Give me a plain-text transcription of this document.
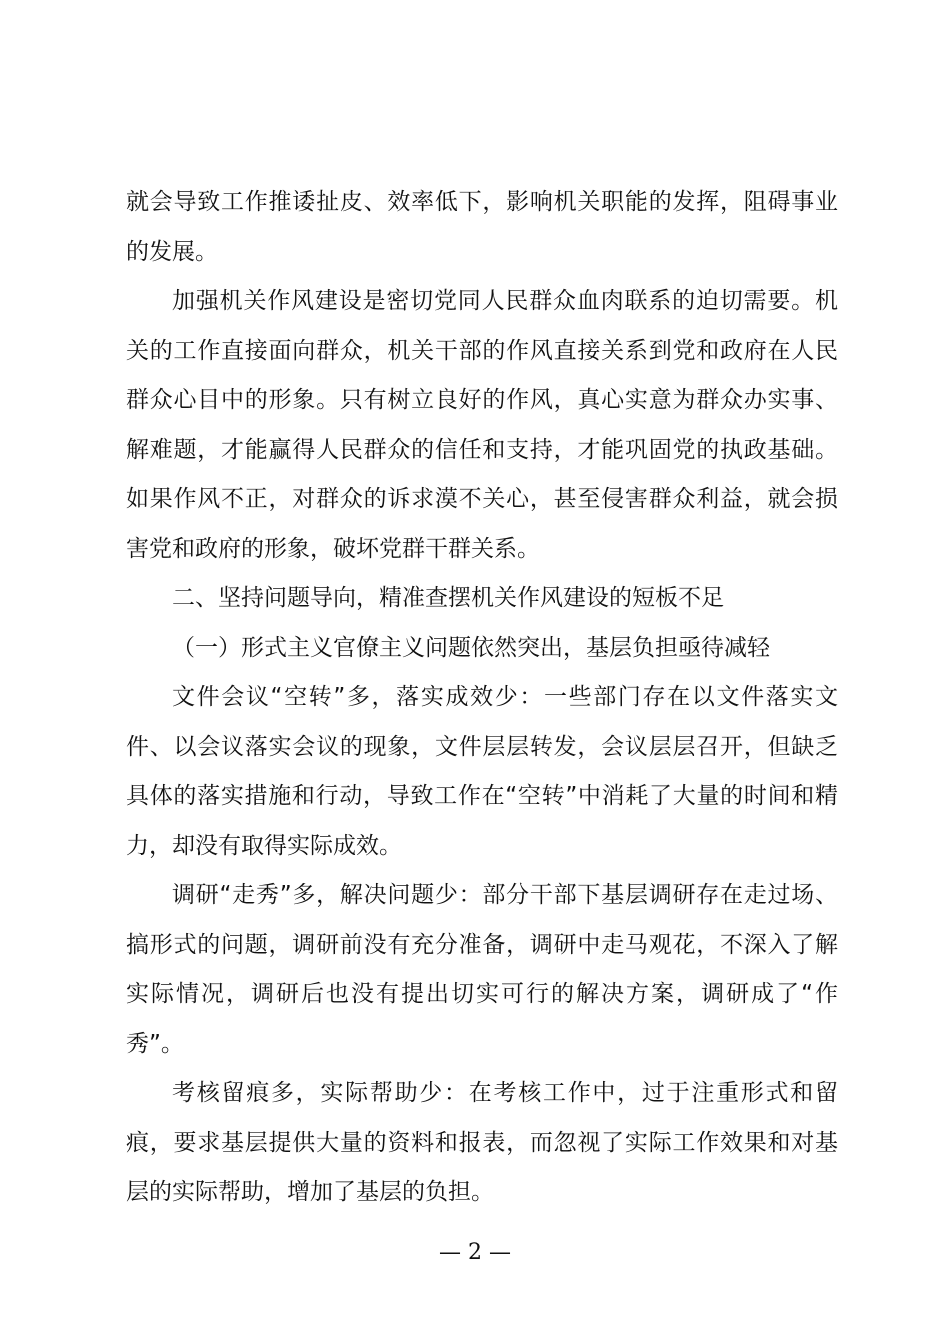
就会导致工作推诿扯皮、效率低下，影响机关职能的发挥，阻碍事业的发展。

加强机关作风建设是密切党同人民群众血肉联系的迫切需要。机关的工作直接面向群众，机关干部的作风直接关系到党和政府在人民群众心目中的形象。只有树立良好的作风，真心实意为群众办实事、解难题，才能赢得人民群众的信任和支持，才能巩固党的执政基础。如果作风不正，对群众的诉求漠不关心，甚至侵害群众利益，就会损害党和政府的形象，破坏党群干群关系。

二、坚持问题导向，精准查摆机关作风建设的短板不足

（一）形式主义官僚主义问题依然突出，基层负担亟待减轻

文件会议“空转”多，落实成效少：一些部门存在以文件落实文件、以会议落实会议的现象，文件层层转发，会议层层召开，但缺乏具体的落实措施和行动，导致工作在“空转”中消耗了大量的时间和精力，却没有取得实际成效。

调研“走秀”多，解决问题少：部分干部下基层调研存在走过场、搞形式的问题，调研前没有充分准备，调研中走马观花，不深入了解实际情况，调研后也没有提出切实可行的解决方案，调研成了“作秀”。

考核留痕多，实际帮助少：在考核工作中，过于注重形式和留痕，要求基层提供大量的资料和报表，而忽视了实际工作效果和对基层的实际帮助，增加了基层的负担。

— 2 —
